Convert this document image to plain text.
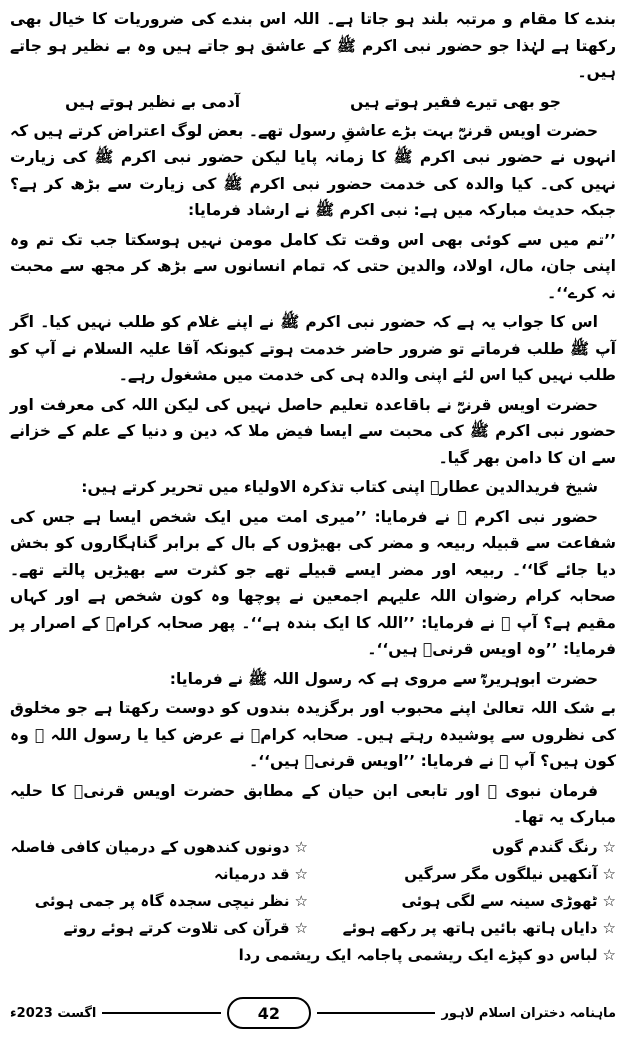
بندے کا مقام و مرتبہ بلند ہو جاتا ہے۔ اللہ اس بندے کی ضروریات کا خیال بھی رکھتا ہے لہٰذا جو حضور نبی اکرم ﷺ کے عاشق ہو جاتے ہیں وہ بے نظیر ہو جاتے ہیں۔

جو بھی تیرے فقیر ہوتے ہیں
آدمی بے نظیر ہوتے ہیں

حضرت اویس قرنیؓ بہت بڑے عاشقِ رسول تھے۔ بعض لوگ اعتراض کرتے ہیں کہ انہوں نے حضور نبی اکرم ﷺ کا زمانہ پایا لیکن حضور نبی اکرم ﷺ کی زیارت نہیں کی۔ کیا والدہ کی خدمت حضور نبی اکرم ﷺ کی زیارت سے بڑھ کر ہے؟ جبکہ حدیث مبارکہ میں ہے: نبی اکرم ﷺ نے ارشاد فرمایا:

’’تم میں سے کوئی بھی اس وقت تک کامل مومن نہیں ہوسکتا جب تک تم وہ اپنی جان، مال، اولاد، والدین حتی کہ تمام انسانوں سے بڑھ کر مجھ سے محبت نہ کرے‘‘۔

اس کا جواب یہ ہے کہ حضور نبی اکرم ﷺ نے اپنے غلام کو طلب نہیں کیا۔ اگر آپ ﷺ طلب فرماتے تو ضرور حاضر خدمت ہوتے کیونکہ آقا علیہ السلام نے آپ کو طلب نہیں کیا اس لئے اپنی والدہ ہی کی خدمت میں مشغول رہے۔

حضرت اویس قرنیؓ نے باقاعدہ تعلیم حاصل نہیں کی لیکن اللہ کی معرفت اور حضور نبی اکرم ﷺ کی محبت سے ایسا فیض ملا کہ دین و دنیا کے علم کے خزانے سے ان کا دامن بھر گیا۔

شیخ فریدالدین عطارؒ اپنی کتاب تذکرہ الاولیاء میں تحریر کرتے ہیں:

حضور نبی اکرم ﷺ نے فرمایا: ’’میری امت میں ایک شخص ایسا ہے جس کی شفاعت سے قبیلہ ربیعہ و مضر کی بھیڑوں کے بال کے برابر گناہگاروں کو بخش دیا جائے گا‘‘۔ ربیعہ اور مضر ایسے قبیلے تھے جو کثرت سے بھیڑیں پالتے تھے۔ صحابہ کرام رضوان اللہ علیہم اجمعین نے پوچھا وہ کون شخص ہے اور کہاں مقیم ہے؟ آپ ﷺ نے فرمایا: ’’اللہ کا ایک بندہ ہے‘‘۔ پھر صحابہ کرامؓ کے اصرار پر فرمایا: ’’وہ اویس قرنیؓ ہیں‘‘۔

حضرت ابوہریرہؓ سے مروی ہے کہ رسول اللہ ﷺ نے فرمایا:

بے شک اللہ تعالیٰ اپنے محبوب اور برگزیدہ بندوں کو دوست رکھتا ہے جو مخلوق کی نظروں سے پوشیدہ رہتے ہیں۔ صحابہ کرامؓ نے عرض کیا یا رسول اللہ ﷺ وہ کون ہیں؟ آپ ﷺ نے فرمایا: ’’اویس قرنیؓ ہیں‘‘۔

فرمان نبوی ﷺ اور تابعی ابن حیان کے مطابق حضرت اویس قرنیؓ کا حلیہ مبارک یہ تھا۔

☆رنگ گندم گوں
☆دونوں کندھوں کے درمیان کافی فاصلہ
☆آنکھیں نیلگوں مگر سرگیں
☆قد درمیانہ
☆ٹھوڑی سینہ سے لگی ہوئی
☆نظر نیچی سجدہ گاہ پر جمی ہوئی
☆دایاں ہاتھ بائیں ہاتھ پر رکھے ہوئے
☆قرآن کی تلاوت کرتے ہوئے روتے
☆لباس دو کپڑے ایک ریشمی پاجامہ ایک ریشمی ردا
ماہنامہ دختران اسلام لاہور
42
اگست 2023ء
